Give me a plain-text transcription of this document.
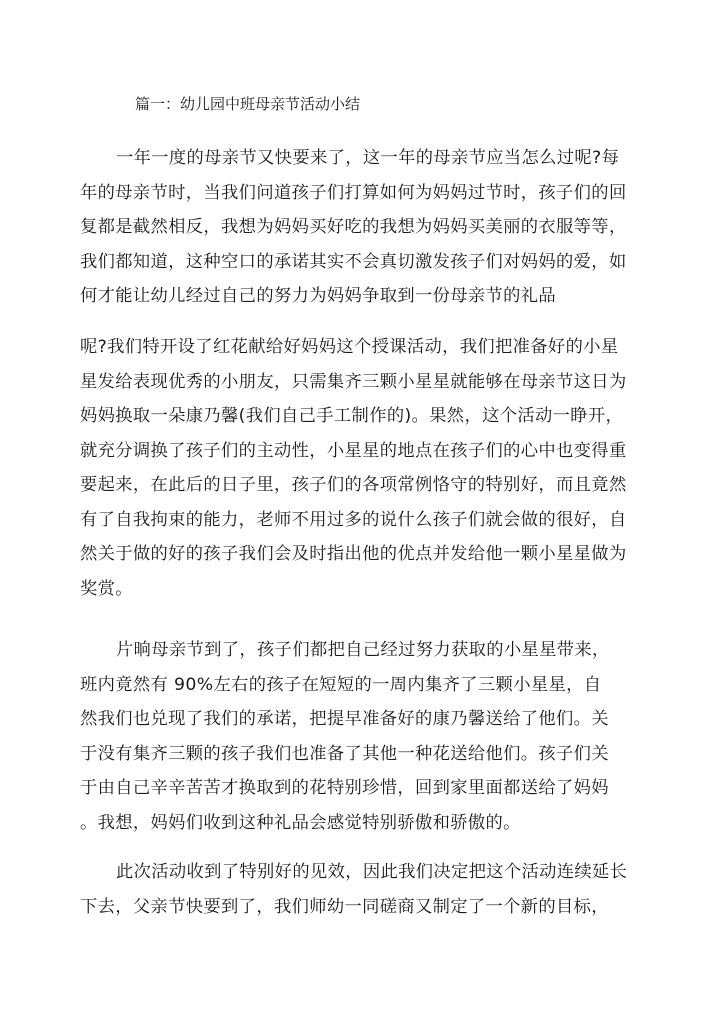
篇一：幼儿园中班母亲节活动小结
一年一度的母亲节又快要来了，这一年的母亲节应当怎么过呢?每
年的母亲节时，当我们问道孩子们打算如何为妈妈过节时，孩子们的回
复都是截然相反，我想为妈妈买好吃的我想为妈妈买美丽的衣服等等，
我们都知道，这种空口的承诺其实不会真切激发孩子们对妈妈的爱，如
何才能让幼儿经过自己的努力为妈妈争取到一份母亲节的礼品
呢?我们特开设了红花献给好妈妈这个授课活动，我们把准备好的小星
星发给表现优秀的小朋友，只需集齐三颗小星星就能够在母亲节这日为
妈妈换取一朵康乃馨(我们自己手工制作的)。果然，这个活动一睁开，
就充分调换了孩子们的主动性，小星星的地点在孩子们的心中也变得重
要起来，在此后的日子里，孩子们的各项常例恪守的特别好，而且竟然
有了自我拘束的能力，老师不用过多的说什么孩子们就会做的很好，自
然关于做的好的孩子我们会及时指出他的优点并发给他一颗小星星做为
奖赏。
片晌母亲节到了，孩子们都把自己经过努力获取的小星星带来，
班内竟然有 90%左右的孩子在短短的一周内集齐了三颗小星星，自
然我们也兑现了我们的承诺，把提早准备好的康乃馨送给了他们。关
于没有集齐三颗的孩子我们也准备了其他一种花送给他们。孩子们关
于由自己辛辛苦苦才换取到的花特别珍惜，回到家里面都送给了妈妈
。我想，妈妈们收到这种礼品会感觉特别骄傲和骄傲的。
此次活动收到了特别好的见效，因此我们决定把这个活动连续延长
下去，父亲节快要到了，我们师幼一同磋商又制定了一个新的目标，
